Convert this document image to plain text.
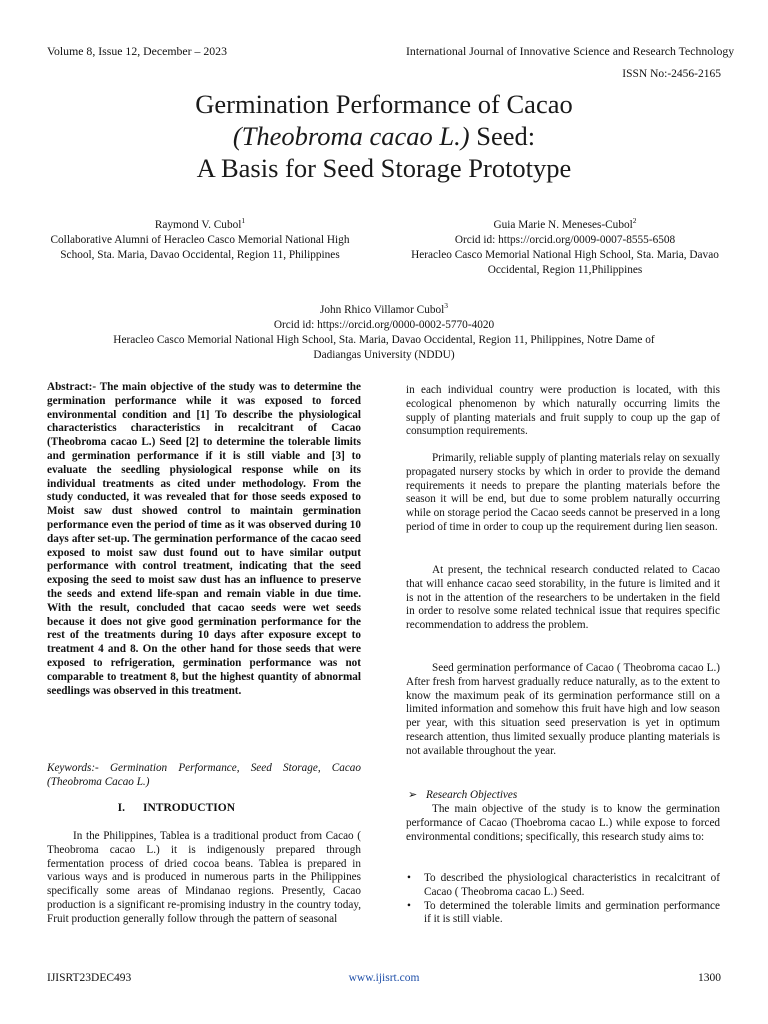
Volume 8, Issue 12, December – 2023	International Journal of Innovative Science and Research Technology
ISSN No:-2456-2165
Germination Performance of Cacao
(Theobroma cacao L.) Seed:
A Basis for Seed Storage Prototype
Raymond V. Cubol$^1$
Collaborative Alumni of Heracleo Casco Memorial National High School, Sta. Maria, Davao Occidental, Region 11, Philippines
Guia Marie N. Meneses-Cubol$^2$
Orcid id: https://orcid.org/0009-0007-8555-6508
Heracleo Casco Memorial National High School, Sta. Maria, Davao Occidental, Region 11,Philippines
John Rhico Villamor Cubol$^3$
Orcid id: https://orcid.org/0000-0002-5770-4020
Heracleo Casco Memorial National High School, Sta. Maria, Davao Occidental, Region 11, Philippines, Notre Dame of Dadiangas University (NDDU)

Abstract:- The main objective of the study was to determine the germination performance while it was exposed to forced environmental condition and [1] To describe the physiological characteristics characteristics in recalcitrant of Cacao (Theobroma cacao L.) Seed [2] to determine the tolerable limits and germination performance if it is still viable and [3] to evaluate the seedling physiological response while on its individual treatments as cited under methodology. From the study conducted, it was revealed that for those seeds exposed to Moist saw dust showed control to maintain germination performance even the period of time as it was observed during 10 days after set-up. The germination performance of the cacao seed exposed to moist saw dust found out to have similar output performance with control treatment, indicating that the seed exposing the seed to moist saw dust has an influence to preserve the seeds and extend life-span and remain viable in due time. With the result, concluded that cacao seeds were wet seeds because it does not give good germination performance for the rest of the treatments during 10 days after exposure except to treatment 4 and 8. On the other hand for those seeds that were exposed to refrigeration, germination performance was not comparable to treatment 8, but the highest quantity of abnormal seedlings was observed in this treatment.

Keywords:- Germination Performance, Seed Storage, Cacao (Theobroma Cacao L.)

I. INTRODUCTION

In the Philippines, Tablea is a traditional product from Cacao ( Theobroma cacao L.) it is indigenously prepared through fermentation process of dried cocoa beans. Tablea is prepared in various ways and is produced in numerous parts in the Philippines specifically some areas of Mindanao regions. Presently, Cacao production is a significant re-promising industry in the country today, Fruit production generally follow through the pattern of seasonal

in each individual country were production is located, with this ecological phenomenon by which naturally occurring limits the supply of planting materials and fruit supply to coup up the gap of consumption requirements.

Primarily, reliable supply of planting materials relay on sexually propagated nursery stocks by which in order to provide the demand requirements it needs to prepare the planting materials before the season it will be end, but due to some problem naturally occurring while on storage period the Cacao seeds cannot be preserved in a long period of time in order to coup up the requirement during lien season.

At present, the technical research conducted related to Cacao that will enhance cacao seed storability, in the future is limited and it is not in the attention of the researchers to be undertaken in the field in order to resolve some related technical issue that requires specific recommendation to address the problem.

Seed germination performance of Cacao ( Theobroma cacao L.) After fresh from harvest gradually reduce naturally, as to the extent to know the maximum peak of its germination performance still on a limited information and somehow this fruit have high and low season per year, with this situation seed preservation is yet in optimum research attention, thus limited sexually produce planting materials is not available throughout the year.

➢ Research Objectives

The main objective of the study is to know the germination performance of Cacao (Thoebroma cacao L.) while expose to forced environmental conditions; specifically, this research study aims to:

• To described the physiological characteristics in recalcitrant of Cacao ( Theobroma cacao L.) Seed.
• To determined the tolerable limits and germination performance if it is still viable.
IJISRT23DEC493	www.ijisrt.com	1300
